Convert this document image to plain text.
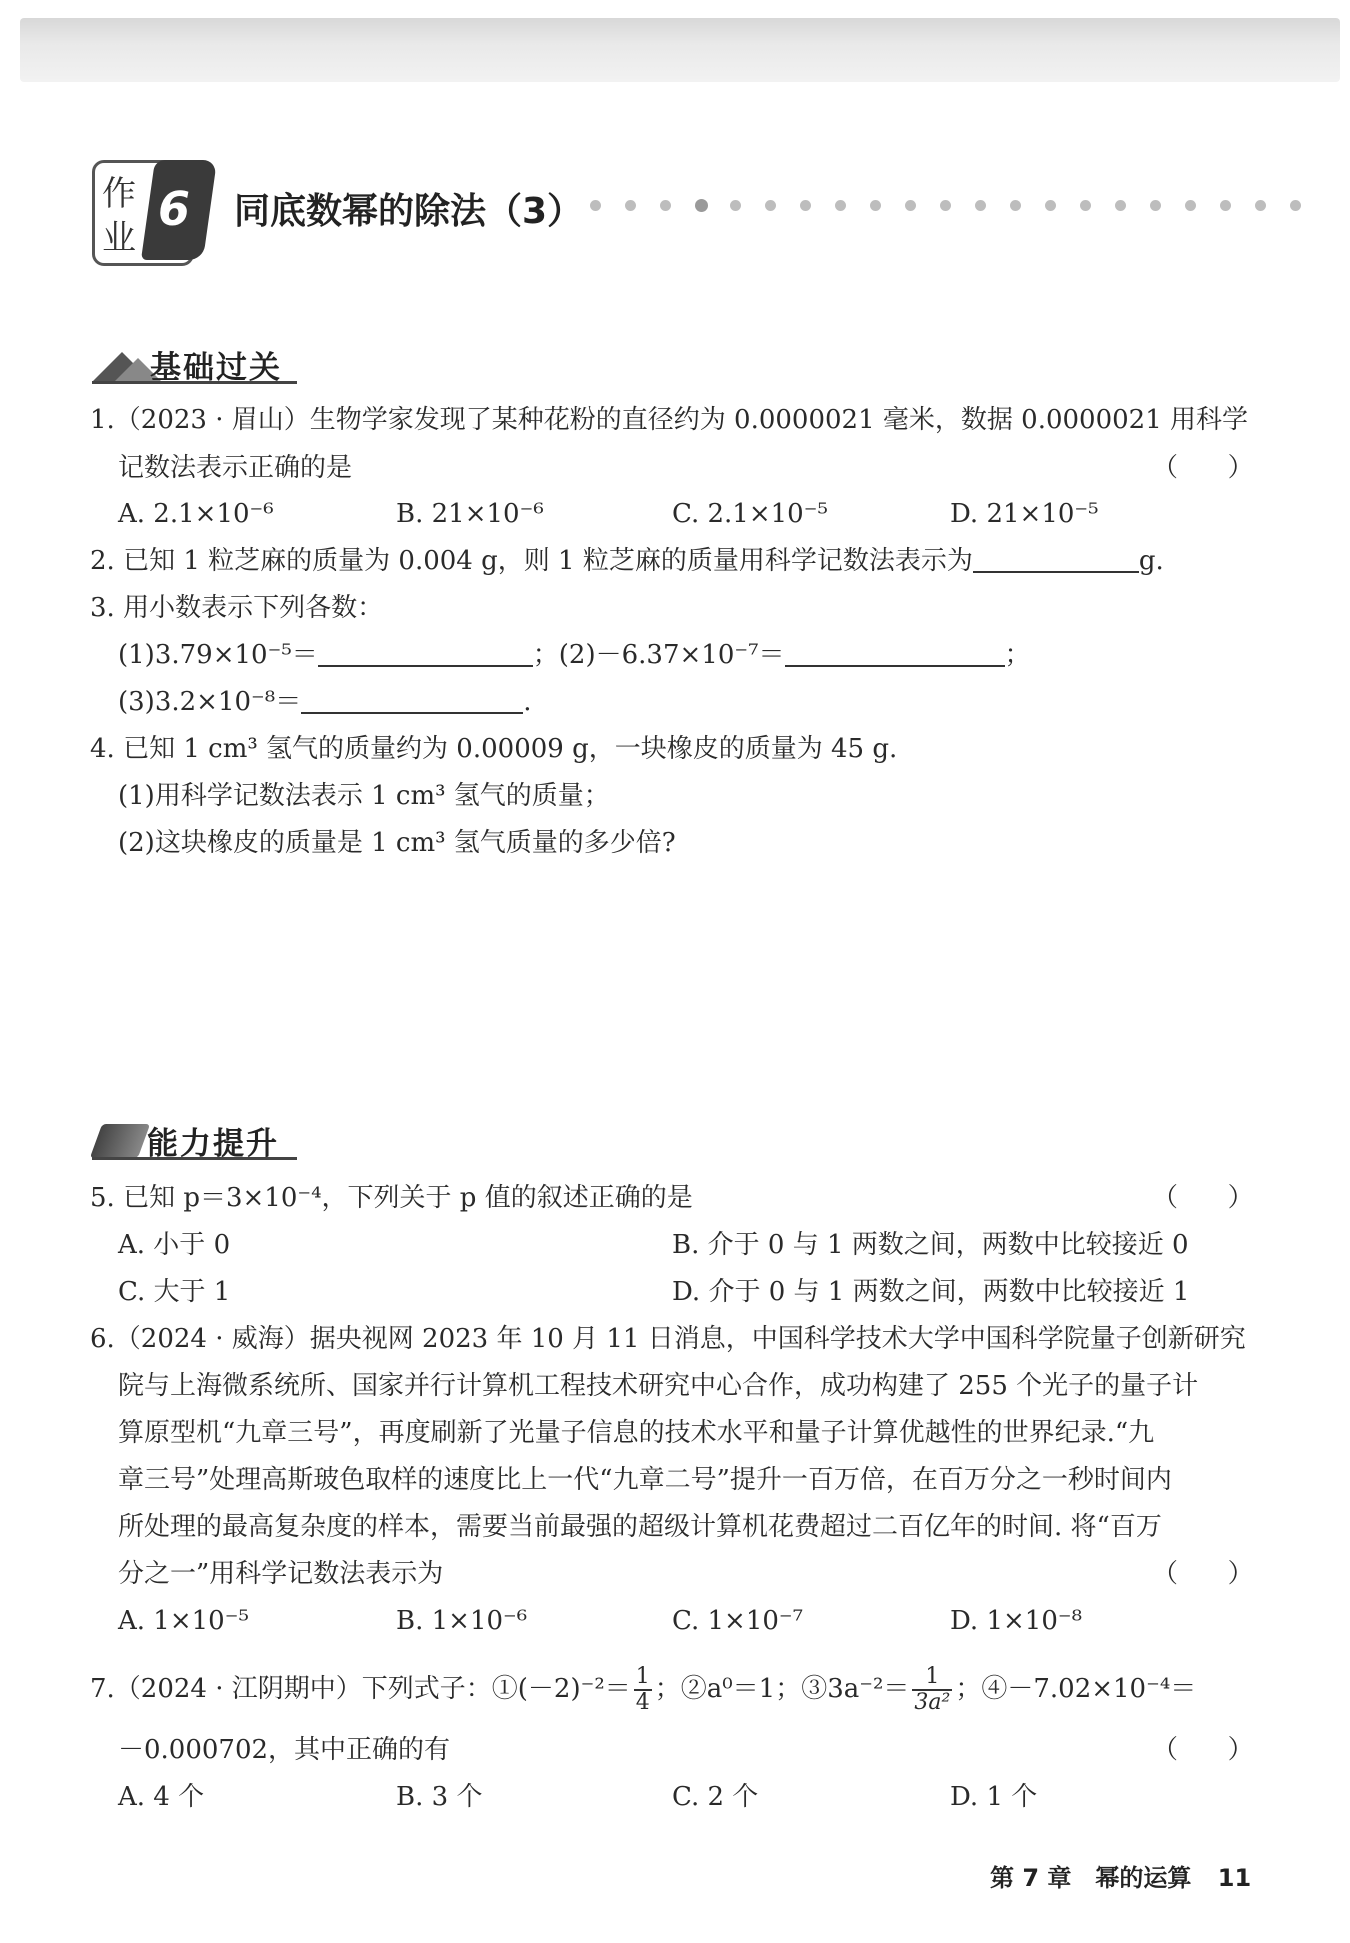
作
业
6 同底数幂的除法（3）
基础过关
1.（2023 · 眉山）生物学家发现了某种花粉的直径约为 0.0000021 毫米，数据 0.0000021 用科学
记数法表示正确的是	（      ）
A. 2.1×10⁻⁶	B. 21×10⁻⁶	C. 2.1×10⁻⁵	D. 21×10⁻⁵
2. 已知 1 粒芝麻的质量为 0.004 g，则 1 粒芝麻的质量用科学记数法表示为	g.
3. 用小数表示下列各数：
(1)3.79×10⁻⁵＝	；(2)－6.37×10⁻⁷＝	；
(3)3.2×10⁻⁸＝	.
4. 已知 1 cm³ 氢气的质量约为 0.00009 g，一块橡皮的质量为 45 g.
(1)用科学记数法表示 1 cm³ 氢气的质量；
(2)这块橡皮的质量是 1 cm³ 氢气质量的多少倍?
能力提升
5. 已知 p＝3×10⁻⁴，下列关于 p 值的叙述正确的是	（      ）
A. 小于 0	B. 介于 0 与 1 两数之间，两数中比较接近 0
C. 大于 1	D. 介于 0 与 1 两数之间，两数中比较接近 1
6.（2024 · 威海）据央视网 2023 年 10 月 11 日消息，中国科学技术大学中国科学院量子创新研究
院与上海微系统所、国家并行计算机工程技术研究中心合作，成功构建了 255 个光子的量子计
算原型机“九章三号”，再度刷新了光量子信息的技术水平和量子计算优越性的世界纪录.“九
章三号”处理高斯玻色取样的速度比上一代“九章二号”提升一百万倍，在百万分之一秒时间内
所处理的最高复杂度的样本，需要当前最强的超级计算机花费超过二百亿年的时间. 将“百万
分之一”用科学记数法表示为	（      ）
A. 1×10⁻⁵	B. 1×10⁻⁶	C. 1×10⁻⁷	D. 1×10⁻⁸
7.（2024 · 江阴期中）下列式子：①(－2)⁻²＝ $\frac{1}{4}$ ；②a⁰＝1；③3a⁻²＝ $\frac{1}{\text{3a²}}$ ；④－7.02×10⁻⁴＝
－0.000702，其中正确的有	（      ）
A. 4 个	B. 3 个	C. 2 个	D. 1 个
第 7 章　幂的运算 11
